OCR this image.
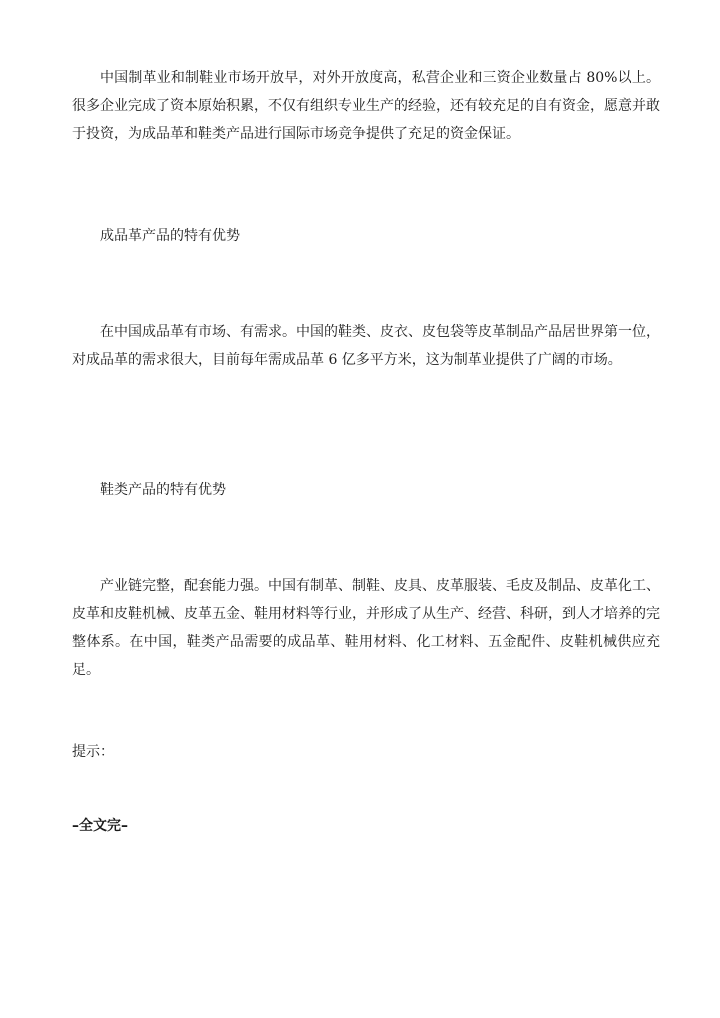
中国制革业和制鞋业市场开放早，对外开放度高，私营企业和三资企业数量占 80%以上。很多企业完成了资本原始积累，不仅有组织专业生产的经验，还有较充足的自有资金，愿意并敢于投资，为成品革和鞋类产品进行国际市场竞争提供了充足的资金保证。

成品革产品的特有优势

在中国成品革有市场、有需求。中国的鞋类、皮衣、皮包袋等皮革制品产品居世界第一位，对成品革的需求很大，目前每年需成品革 6 亿多平方米，这为制革业提供了广阔的市场。

鞋类产品的特有优势

产业链完整，配套能力强。中国有制革、制鞋、皮具、皮革服装、毛皮及制品、皮革化工、皮革和皮鞋机械、皮革五金、鞋用材料等行业，并形成了从生产、经营、科研，到人才培养的完整体系。在中国，鞋类产品需要的成品革、鞋用材料、化工材料、五金配件、皮鞋机械供应充足。

提示：

–全文完–
